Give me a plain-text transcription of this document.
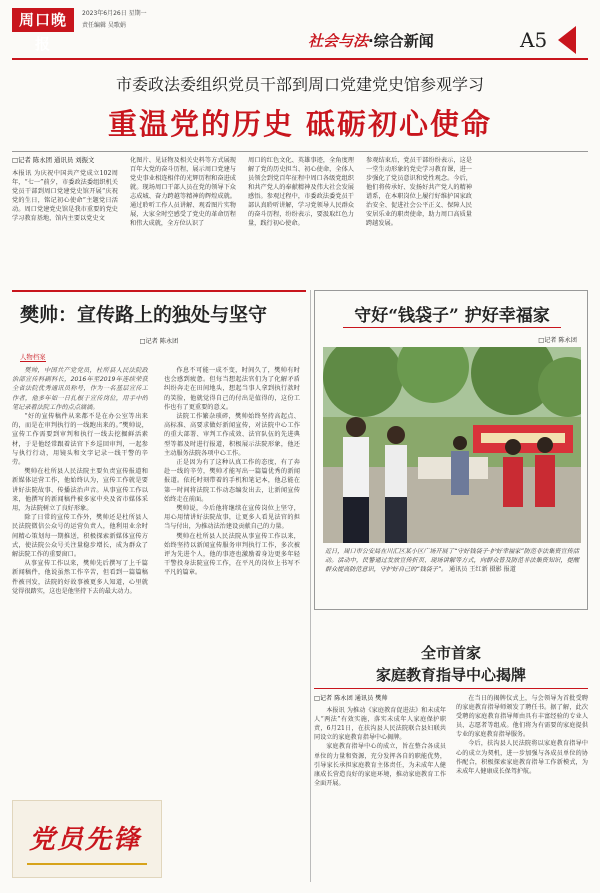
周口晚报
2023年6月26日 星期一
责任编辑 吴歌娟
社会与法·综合新闻	A5
市委政法委组织党员干部到周口党建党史馆参观学习
重温党的历史 砥砺初心使命
□记者 陈永团 通讯员 刘振文
本报讯 为庆祝中国共产党成立102周年，“七一”前夕，市委政法委组织机关党员干部到周口党建党史馆开展“庆祝党的生日，铭记初心使命”主题党日活动。周口党建党史馆是我市重要的党史学习教育基地，馆内主要以党史文
化图片、见证物及相关史料等方式展现百年大党的奋斗历程，展示周口党建与党史事业相连相伴的光辉历程和奋进成就。现场周口干部人员在党的领导下众志成城、奋力跨越等精神的辉煌成就。通过聆听工作人员讲解、观看图片实物展，大家全时空感受了党史的革命历程和伟大成就，全方位认识了
周口的红色文化、英雄事迹，全角度理解了党的历史担当、初心使命，全体人员领会到党百年征程中周口各级党组织和共产党人的奉献精神及伟大社会发展感悟。参观过程中，市委政法委党员干部认真聆听讲解，学习党领导人民群众的奋斗历程，纷纷表示，要汲取红色力量，践行初心使命。
参观结束后，党员干部纷纷表示，这是一堂生动形象的党史学习教育课，进一步强化了党员意识和党性观念。今后，他们将传承好、发扬好共产党人的精神谱系，在本职岗位上履行好维护国家政治安全、促进社会公平正义、保障人民安居乐业的职责使命，助力周口高质量跨越发展。
樊帅：宣传路上的独处与坚守
□记者 陈永团
人物档案

樊帅，中国共产党党员，杜所县人民法院政治部宣传科副科长，2016年至2019年连续荣获全省法院优秀通讯员称号，作为一名基层宣传工作者，他多年如一日扎根于宣传岗位，用手中的笔记录着法院工作的点点滴滴。

“好的宣传稿件从来都不是在办公室等出来的，而是在审判执行的一线跑出来的。”樊帅说，宣传工作需要到审判和执行一线去挖掘鲜活素材，于是他经常跟着法官下乡巡回审判，一起参与执行行动，用镜头和文字记录一线干警的辛劳。

樊帅在杜所县人民法院主要负责宣传报道和新媒体运营工作，他始终认为，宣传工作就是要讲好法院故事、传播法治声音。从事宣传工作以来，他撰写的新闻稿件被多家中央及省市媒体采用，为法院树立了良好形象。

除了日常的宣传工作外，樊帅还是杜所县人民法院微信公众号的运营负责人，他利用业余时间精心策划每一期推送，积极探索新媒体宣传方式，使法院公众号关注量稳步增长，成为群众了解法院工作的重要窗口。

从事宣传工作以来，樊帅先后撰写了上千篇新闻稿件，他说虽然工作辛苦，但看到一篇篇稿件被刊发，法院的好故事被更多人知道，心里就觉得很踏实，这也是他坚持下去的最大动力。

作息不可能一成不变，时间久了，樊帅有时也会感到疲惫。但每当想起法官们为了化解矛盾纠纷奔走在田间地头，想起当事人拿到执行款时的笑脸，他就觉得自己的付出是值得的，这份工作也有了更重要的意义。

法院工作繁杂琐碎，樊帅始终坚持高起点、高标准、高要求做好新闻宣传，对法院中心工作的重大部署、审判工作成效、法官队伍的先进典型等都及时进行报道，积极展示法院形象，他还主动服务法院各项中心工作。

正是因为有了这种认真工作的态度，有了奔赴一线的辛劳，樊帅才能写出一篇篇优秀的新闻报道。依托时刻带着的手机和笔记本，他总能在第一时间将法院工作动态编发出去，让新闻宣传始终走在前面。

樊帅说，今后他将继续在宣传岗位上坚守，用心用情讲好法院故事，让更多人看见法官的担当与付出，为推动法治建设贡献自己的力量。

樊帅在杜所县人民法院从事宣传工作以来，始终坚持以新闻宣传服务审判执行工作，多次被评为先进个人，他的事迹也激励着身边更多年轻干警投身法院宣传工作，在平凡的岗位上书写不平凡的篇章。

党员先锋
守好“钱袋子” 护好幸福家
□记者 陈永团
近日，周口市公安局在川汇区某小区广场开展了“守好钱袋子·护好幸福家”防范非法集资宣传活动。活动中，民警通过发放宣传折页、现场讲解等方式，向群众普及防范非法集资知识，提醒群众提高防范意识，守护好自己的“钱袋子”。 通讯员 王红新 摄影 报道
全市首家
家庭教育指导中心揭牌

□记者 陈永团 通讯员 樊帅

本报讯 为推动《家庭教育促进法》和未成年人“两法”有效实施，落实未成年人家庭保护职责，6月21日，在扶沟县人民法院联合县妇联共同设立的家庭教育指导中心揭牌。

家庭教育指导中心的成立，旨在整合各成员单位的力量和资源，充分发挥各自的职能优势，引导家长承担家庭教育主体责任，为未成年人健康成长营造良好的家庭环境，推动家庭教育工作全面开展。

在当日的揭牌仪式上，与会领导为首批受聘的家庭教育指导师颁发了聘任书。据了解，此次受聘的家庭教育指导师由具有丰富经验的专业人员、志愿者等组成。他们将为有需要的家庭提供专业的家庭教育指导服务。

今后，扶沟县人民法院将以家庭教育指导中心的成立为契机，进一步加强与各成员单位的协作配合，积极探索家庭教育指导工作新模式，为未成年人健康成长保驾护航。
